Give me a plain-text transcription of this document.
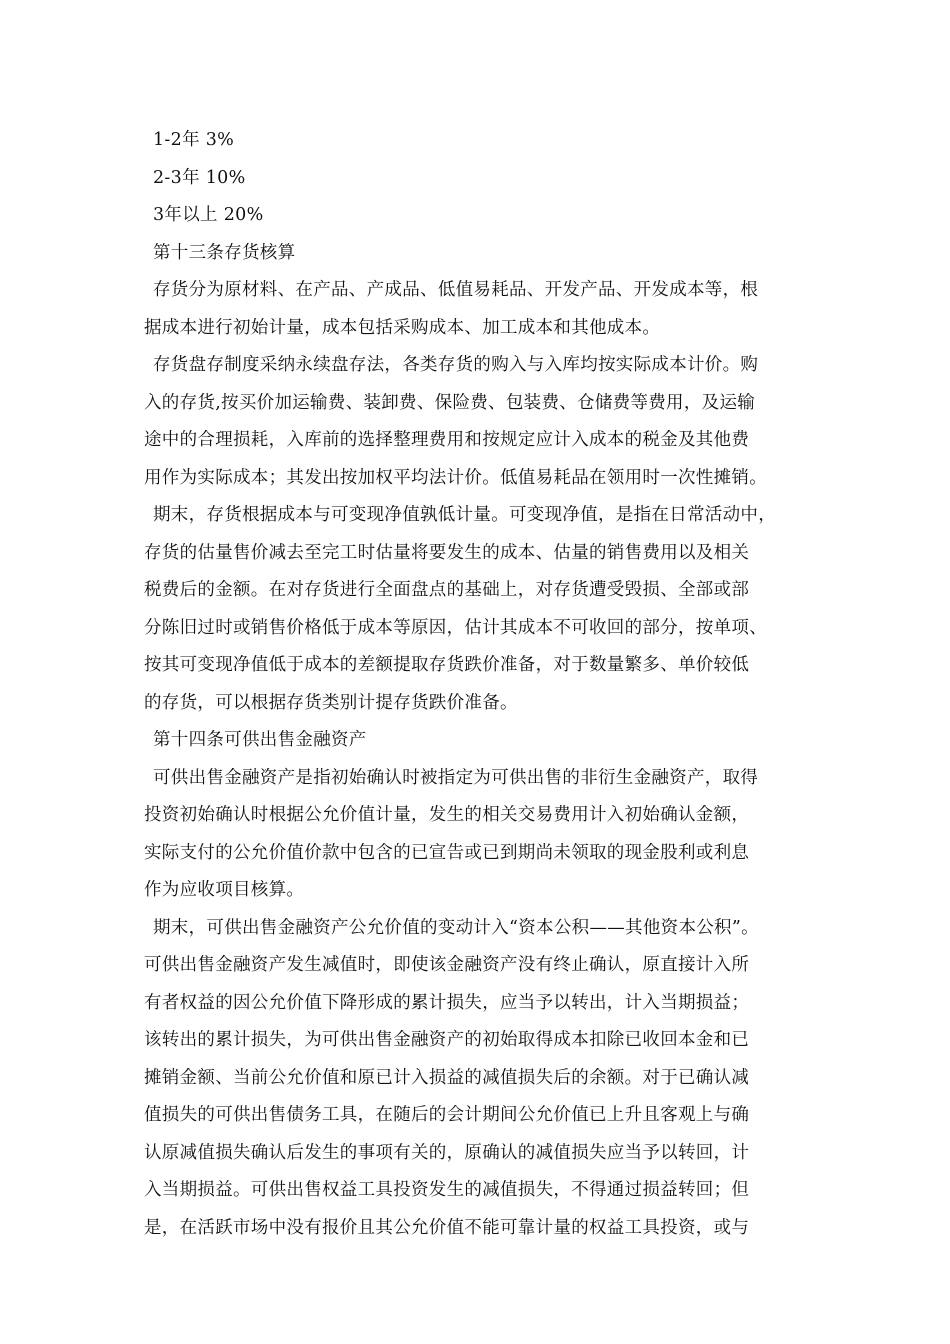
1-2年 3%
2-3年 10%
3年以上 20%
第十三条存货核算
存货分为原材料、在产品、产成品、低值易耗品、开发产品、开发成本等，根
据成本进行初始计量，成本包括采购成本、加工成本和其他成本。
存货盘存制度采纳永续盘存法，各类存货的购入与入库均按实际成本计价。购
入的存货,按买价加运输费、装卸费、保险费、包装费、仓储费等费用，及运输
途中的合理损耗，入库前的选择整理费用和按规定应计入成本的税金及其他费
用作为实际成本；其发出按加权平均法计价。低值易耗品在领用时一次性摊销。
期末，存货根据成本与可变现净值孰低计量。可变现净值，是指在日常活动中，
存货的估量售价减去至完工时估量将要发生的成本、估量的销售费用以及相关
税费后的金额。在对存货进行全面盘点的基础上，对存货遭受毁损、全部或部
分陈旧过时或销售价格低于成本等原因，估计其成本不可收回的部分，按单项、
按其可变现净值低于成本的差额提取存货跌价准备，对于数量繁多、单价较低
的存货，可以根据存货类别计提存货跌价准备。
第十四条可供出售金融资产
可供出售金融资产是指初始确认时被指定为可供出售的非衍生金融资产，取得
投资初始确认时根据公允价值计量，发生的相关交易费用计入初始确认金额，
实际支付的公允价值价款中包含的已宣告或已到期尚未领取的现金股利或利息
作为应收项目核算。
期末，可供出售金融资产公允价值的变动计入“资本公积——其他资本公积”。
可供出售金融资产发生减值时，即使该金融资产没有终止确认，原直接计入所
有者权益的因公允价值下降形成的累计损失，应当予以转出，计入当期损益；
该转出的累计损失，为可供出售金融资产的初始取得成本扣除已收回本金和已
摊销金额、当前公允价值和原已计入损益的减值损失后的余额。对于已确认减
值损失的可供出售债务工具，在随后的会计期间公允价值已上升且客观上与确
认原减值损失确认后发生的事项有关的，原确认的减值损失应当予以转回，计
入当期损益。可供出售权益工具投资发生的减值损失，不得通过损益转回；但
是，在活跃市场中没有报价且其公允价值不能可靠计量的权益工具投资，或与
